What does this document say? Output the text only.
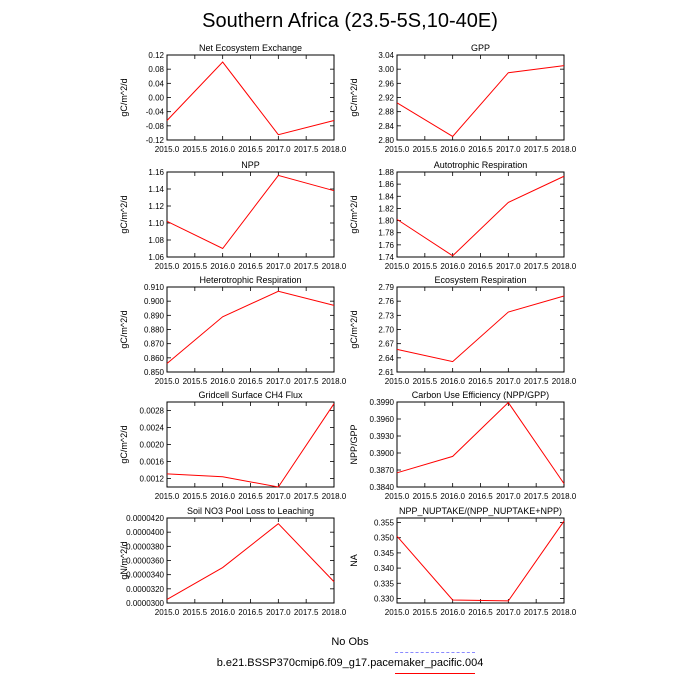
Southern Africa (23.5-5S,10-40E)
Net Ecosystem Exchange
gC/m^2/d
0.12
0.08
0.04
0.00
-0.04
-0.08
-0.12
2015.0 2015.5 2016.0 2016.5 2017.0 2017.5 2018.0
GPP
gC/m^2/d
3.04
3.00
2.96
2.92
2.88
2.84
2.80
2015.0 2015.5 2016.0 2016.5 2017.0 2017.5 2018.0
NPP
gC/m^2/d
1.16
1.14
1.12
1.10
1.08
1.06
2015.0 2015.5 2016.0 2016.5 2017.0 2017.5 2018.0
Autotrophic Respiration
gC/m^2/d
1.88
1.86
1.84
1.82
1.80
1.78
1.76
1.74
2015.0 2015.5 2016.0 2016.5 2017.0 2017.5 2018.0
Heterotrophic Respiration
gC/m^2/d
0.910
0.900
0.890
0.880
0.870
0.860
0.850
2015.0 2015.5 2016.0 2016.5 2017.0 2017.5 2018.0
Ecosystem Respiration
gC/m^2/d
2.79
2.76
2.73
2.70
2.67
2.64
2.61
2015.0 2015.5 2016.0 2016.5 2017.0 2017.5 2018.0
Gridcell Surface CH4 Flux
gC/m^2/d
0.0028
0.0024
0.0020
0.0016
0.0012
2015.0 2015.5 2016.0 2016.5 2017.0 2017.5 2018.0
Carbon Use Efficiency (NPP/GPP)
NPP/GPP
0.3990
0.3960
0.3930
0.3900
0.3870
0.3840
2015.0 2015.5 2016.0 2016.5 2017.0 2017.5 2018.0
Soil NO3 Pool Loss to Leaching
gN/m^2/d
0.0000420
0.0000400
0.0000380
0.0000360
0.0000340
0.0000320
0.0000300
2015.0 2015.5 2016.0 2016.5 2017.0 2017.5 2018.0
NPP_NUPTAKE/(NPP_NUPTAKE+NPP)
NA
0.355
0.350
0.345
0.340
0.335
0.330
2015.0 2015.5 2016.0 2016.5 2017.0 2017.5 2018.0
No Obs
b.e21.BSSP370cmip6.f09_g17.pacemaker_pacific.004
